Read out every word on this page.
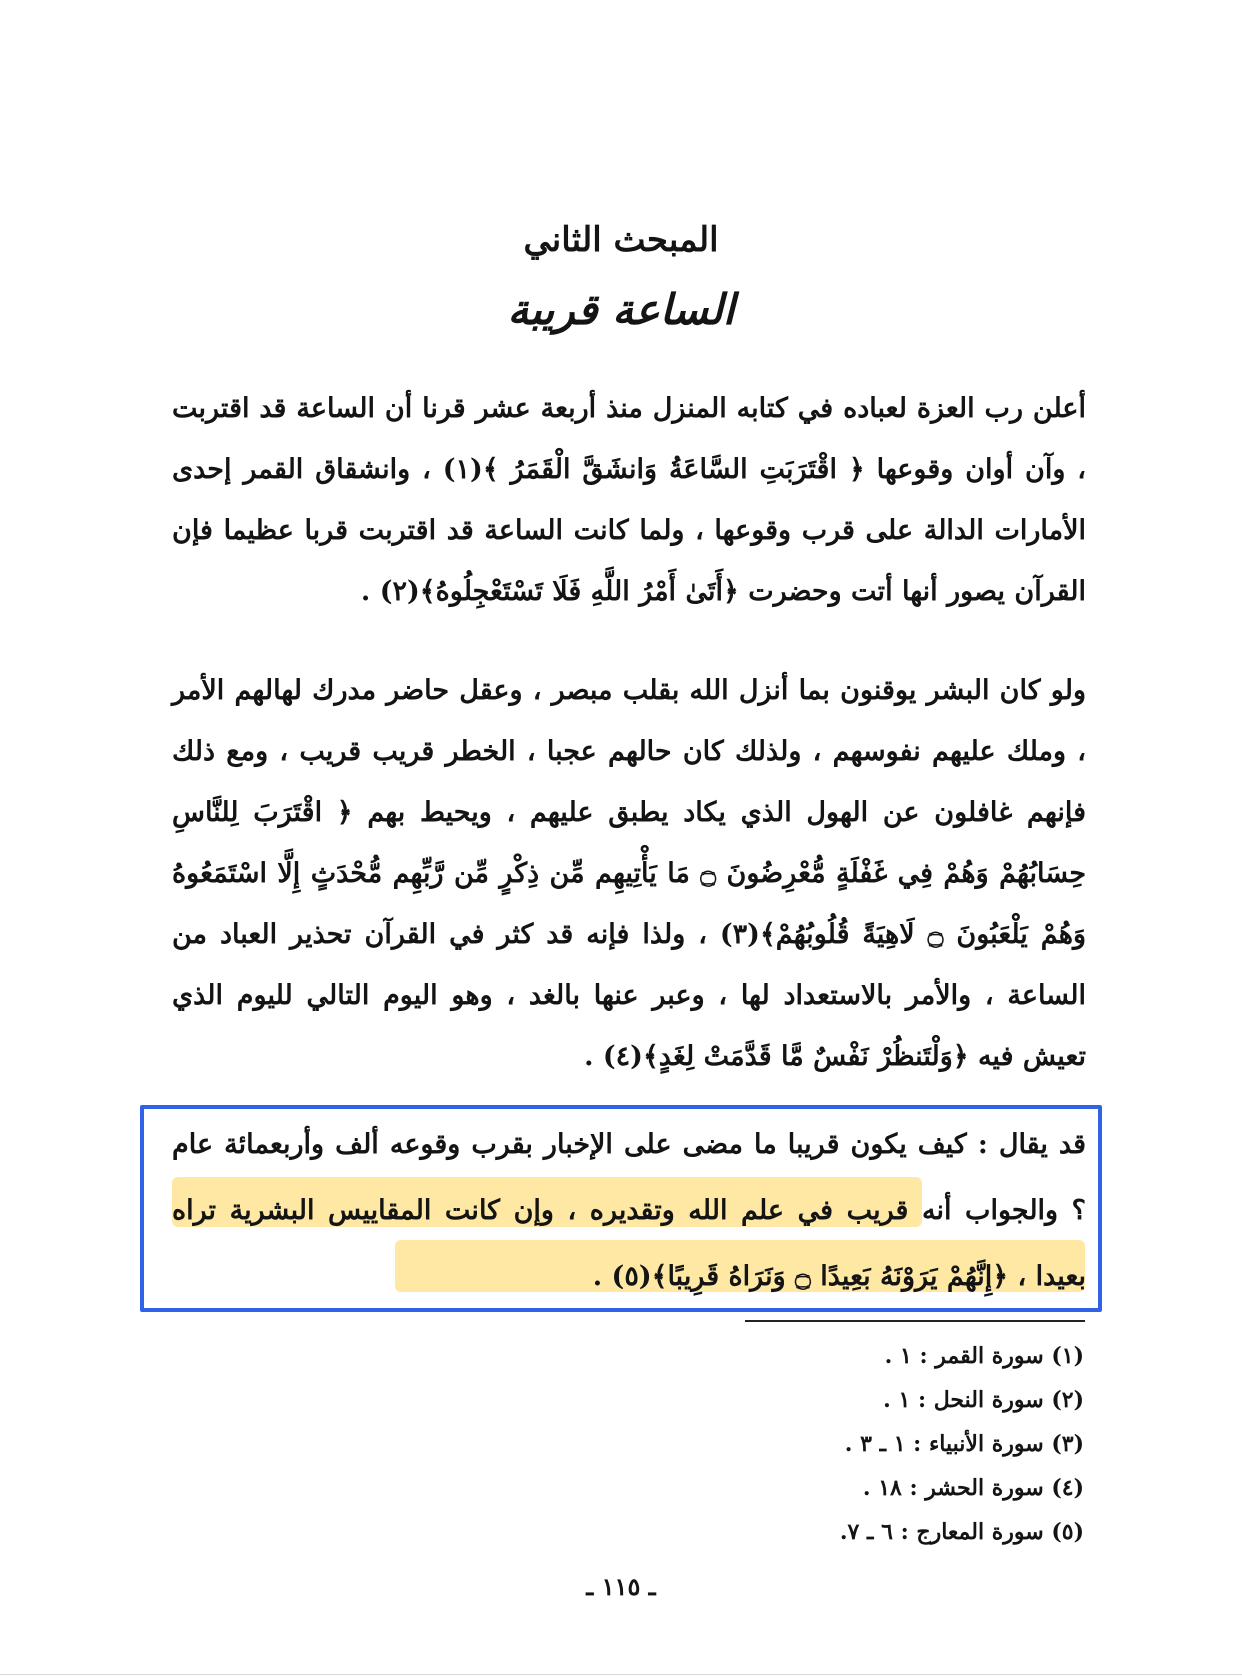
المبحث الثاني
الساعة قريبة

أعلن رب العزة لعباده في كتابه المنزل منذ أربعة عشر قرنا أن الساعة قد اقتربت ، وآن أوان وقوعها ﴿ اقْتَرَبَتِ السَّاعَةُ وَانشَقَّ الْقَمَرُ ﴾(١) ، وانشقاق القمر إحدى الأمارات الدالة على قرب وقوعها ، ولما كانت الساعة قد اقتربت قربا عظيما فإن القرآن يصور أنها أتت وحضرت ﴿أَتَىٰ أَمْرُ اللَّهِ فَلَا تَسْتَعْجِلُوهُ﴾(٢) .

ولو كان البشر يوقنون بما أنزل الله بقلب مبصر ، وعقل حاضر مدرك لهالهم الأمر ، وملك عليهم نفوسهم ، ولذلك كان حالهم عجبا ، الخطر قريب قريب ، ومع ذلك فإنهم غافلون عن الهول الذي يكاد يطبق عليهم ، ويحيط بهم ﴿ اقْتَرَبَ لِلنَّاسِ حِسَابُهُمْ وَهُمْ فِي غَفْلَةٍ مُّعْرِضُونَ ۝ مَا يَأْتِيهِم مِّن ذِكْرٍ مِّن رَّبِّهِم مُّحْدَثٍ إِلَّا اسْتَمَعُوهُ وَهُمْ يَلْعَبُونَ ۝ لَاهِيَةً قُلُوبُهُمْ﴾(٣) ، ولذا فإنه قد كثر في القرآن تحذير العباد من الساعة ، والأمر بالاستعداد لها ، وعبر عنها بالغد ، وهو اليوم التالي لليوم الذي تعيش فيه ﴿وَلْتَنظُرْ نَفْسٌ مَّا قَدَّمَتْ لِغَدٍ﴾(٤) .

قد يقال : كيف يكون قريبا ما مضى على الإخبار بقرب وقوعه ألف وأربعمائة عام ؟ والجواب أنه قريب في علم الله وتقديره ، وإن كانت المقاييس البشرية تراه بعيدا ، ﴿إِنَّهُمْ يَرَوْنَهُ بَعِيدًا ۝ وَنَرَاهُ قَرِيبًا﴾(٥) .

(١) سورة القمر : ١ .
(٢) سورة النحل : ١ .
(٣) سورة الأنبياء : ١ ـ ٣ .
(٤) سورة الحشر : ١٨ .
(٥) سورة المعارج : ٦ ـ ٧.
ـ ١١٥ ـ
